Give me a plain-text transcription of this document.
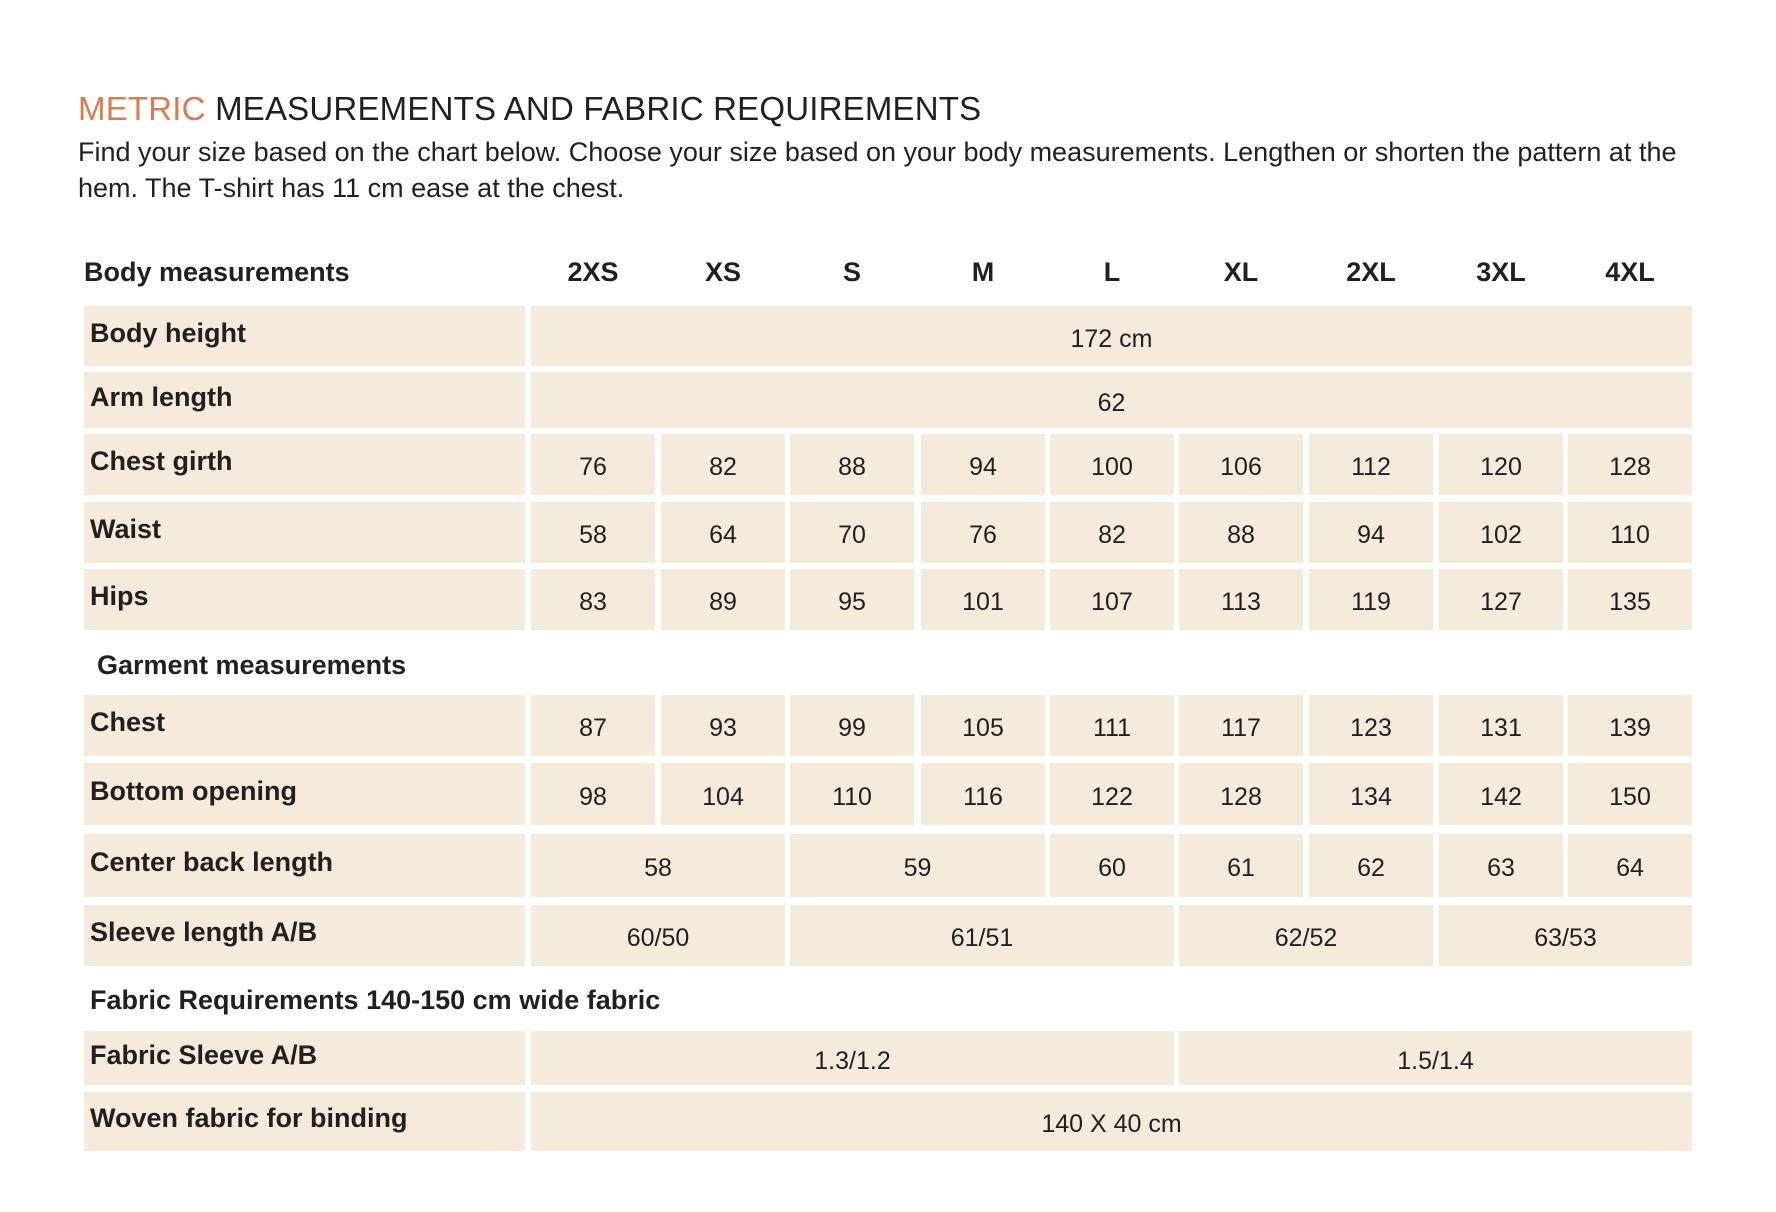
METRIC MEASUREMENTS AND FABRIC REQUIREMENTS

Find your size based on the chart below. Choose your size based on your body measurements. Lengthen or shorten the pattern at the hem. The T-shirt has 11 cm ease at the chest.

Body measurements	2XS	XS	S	M	L	XL	2XL	3XL	4XL
Body height	172 cm
Arm length	62
Chest girth	76	82	88	94	100	106	112	120	128
Waist	58	64	70	76	82	88	94	102	110
Hips	83	89	95	101	107	113	119	127	135
Chest	87	93	99	105	111	117	123	131	139
Bottom opening	98	104	110	116	122	128	134	142	150
Center back length	58	59	60	61	62	63	64
Sleeve length A/B	60/50	61/51	62/52	63/53
Fabric Sleeve A/B	1.3/1.2	1.5/1.4
Woven fabric for binding	140 X 40 cm
Garment measurements
Fabric Requirements 140-150 cm wide fabric
